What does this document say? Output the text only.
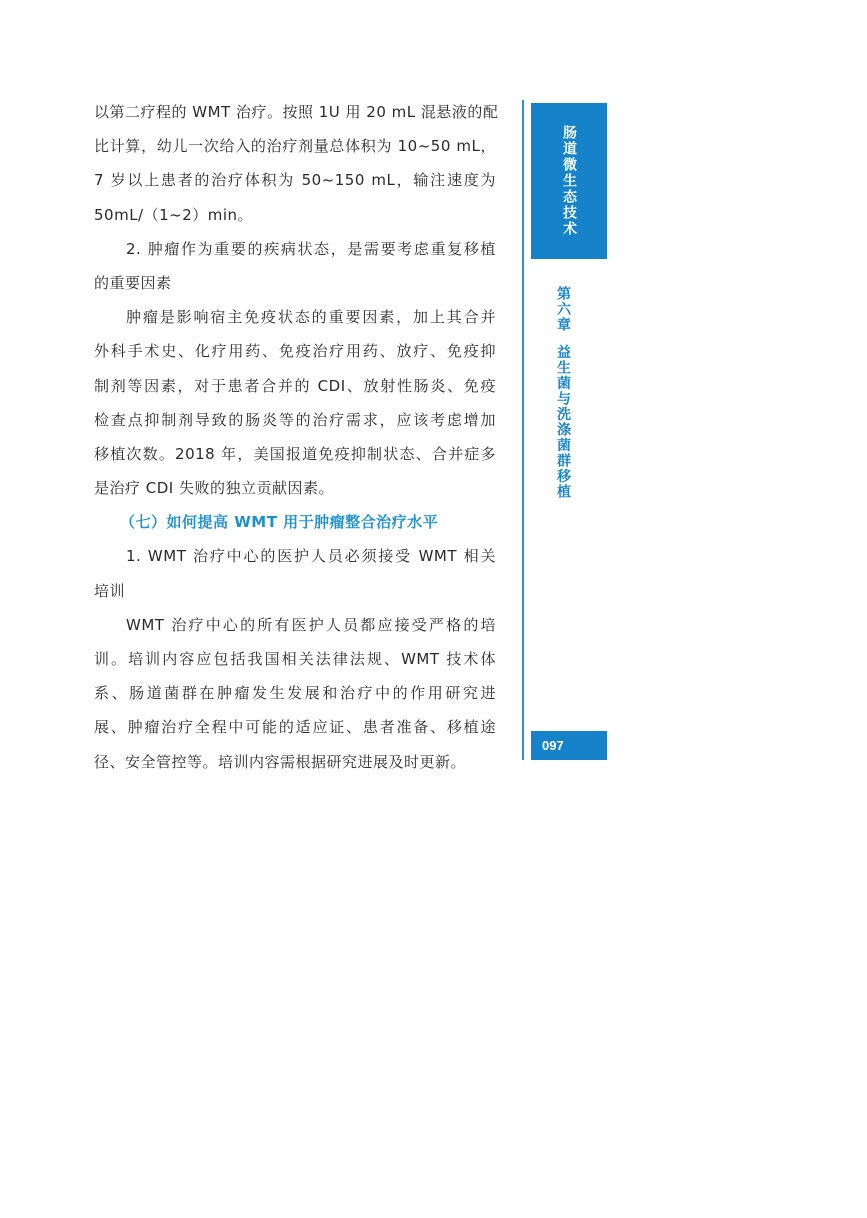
以第二疗程的 WMT 治疗。按照 1U 用 20 mL 混悬液的配
比计算，幼儿一次给入的治疗剂量总体积为 10~50 mL，
7 岁以上患者的治疗体积为 50~150 mL，输注速度为
50mL/（1~2）min。
2. 肿瘤作为重要的疾病状态，是需要考虑重复移植
的重要因素
肿瘤是影响宿主免疫状态的重要因素，加上其合并
外科手术史、化疗用药、免疫治疗用药、放疗、免疫抑
制剂等因素，对于患者合并的 CDI、放射性肠炎、免疫
检查点抑制剂导致的肠炎等的治疗需求，应该考虑增加
移植次数。2018 年，美国报道免疫抑制状态、合并症多
是治疗 CDI 失败的独立贡献因素。
（七）如何提高 WMT 用于肿瘤整合治疗水平
1. WMT 治疗中心的医护人员必须接受 WMT 相关
培训
WMT 治疗中心的所有医护人员都应接受严格的培
训。培训内容应包括我国相关法律法规、WMT 技术体
系、肠道菌群在肿瘤发生发展和治疗中的作用研究进
展、肿瘤治疗全程中可能的适应证、患者准备、移植途
径、安全管控等。培训内容需根据研究进展及时更新。
肠道微生态技术
第六章益生菌与洗涤菌群移植
097
